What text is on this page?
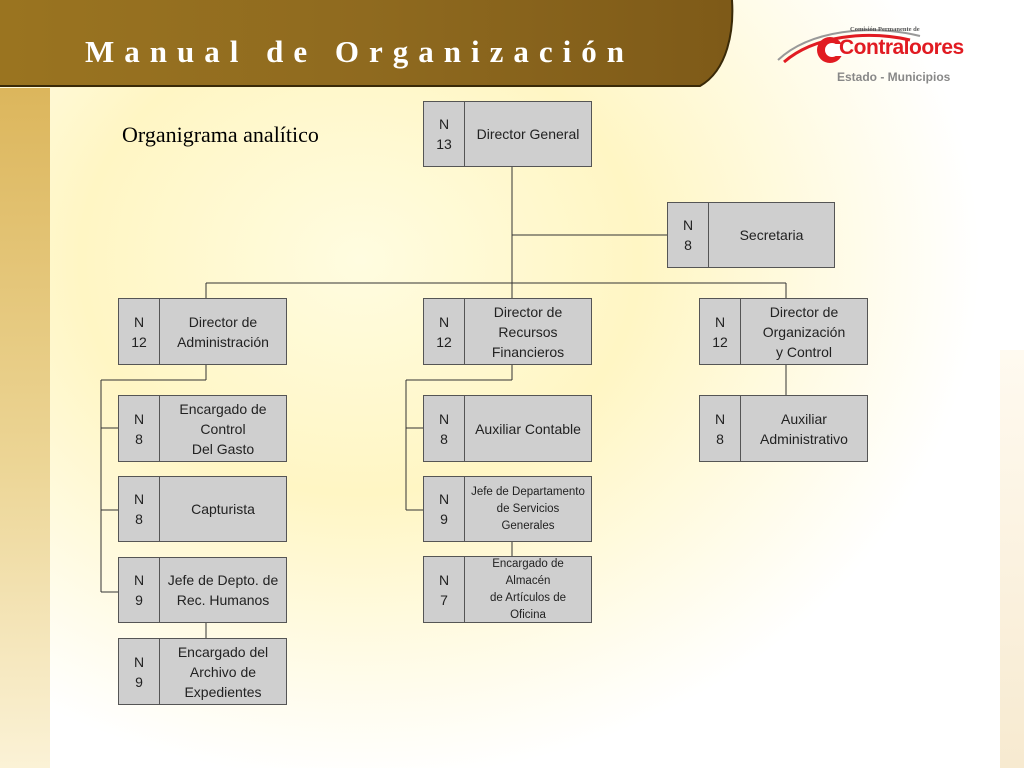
Manual de Organización
Comisión Permanente de
Contraloores
Estado - Municipios
Organigrama analítico	N
13
Director General
N
8
Secretaria
N
12
Director de
Administración
N
12
Director de
Recursos
Financieros
N
12
Director de
Organización
y Control
N
8
Encargado de
Control
Del Gasto
N
8
Capturista
N
9
Jefe de Depto. de
Rec. Humanos
N
9
Encargado del
Archivo de
Expedientes
N
8
Auxiliar Contable
N
9
Jefe de Departamento
de Servicios
Generales
N
7
Encargado de Almacén
de Artículos de
Oficina
N
8
Auxiliar
Administrativo
